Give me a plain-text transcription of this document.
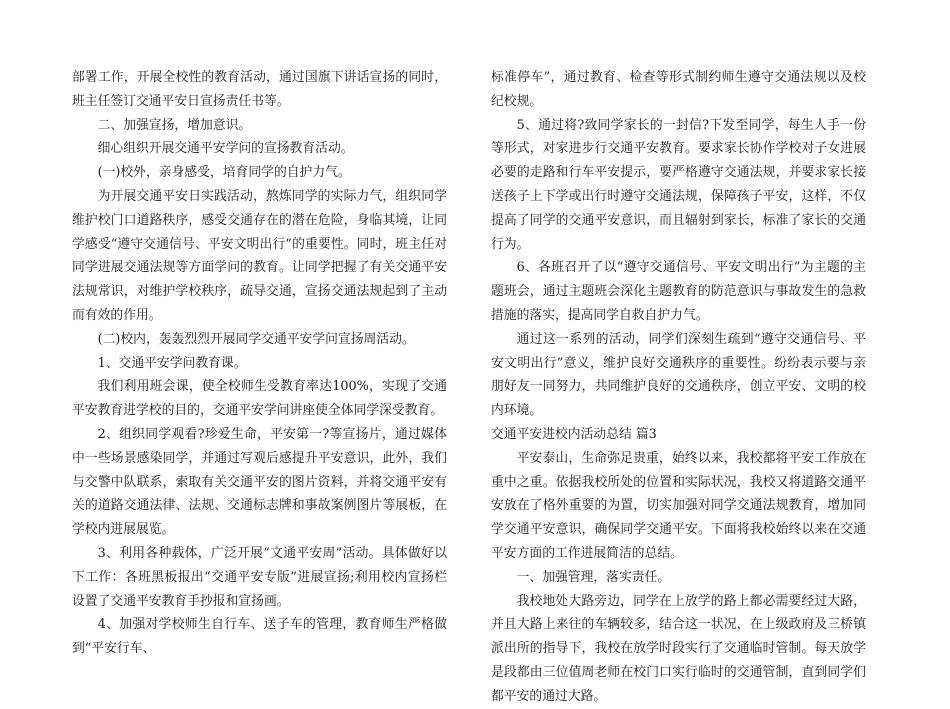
部署工作，开展全校性的教育活动，通过国旗下讲话宣扬的同时，班主任签订交通平安日宣扬责任书等。

二、加强宣扬，增加意识。

细心组织开展交通平安学问的宣扬教育活动。

(一)校外，亲身感受，培育同学的自护力气。

为开展交通平安日实践活动，熬炼同学的实际力气，组织同学维护校门口道路秩序，感受交通存在的潜在危险，身临其境，让同学感受“遵守交通信号、平安文明出行”的重要性。同时，班主任对同学进展交通法规等方面学问的教育。让同学把握了有关交通平安法规常识，对维护学校秩序，疏导交通，宣扬交通法规起到了主动而有效的作用。

(二)校内，轰轰烈烈开展同学交通平安学问宣扬周活动。

1、交通平安学问教育课。

我们利用班会课，使全校师生受教育率达100%，实现了交通平安教育进学校的目的，交通平安学问讲座使全体同学深受教育。

2、组织同学观看?珍爱生命，平安第一?等宣扬片，通过媒体中一些场景感染同学，并通过写观后感提升平安意识，此外，我们与交警中队联系，索取有关交通平安的图片资料，并将交通平安有关的道路交通法律、法规、交通标志牌和事故案例图片等展板，在学校内进展展览。

3、利用各种载体，广泛开展“文通平安周”活动。具体做好以下工作：各班黑板报出“交通平安专版”进展宣扬;利用校内宣扬栏设置了交通平安教育手抄报和宣扬画。

4、加强对学校师生自行车、送子车的管理，教育师生严格做到“平安行车、

标准停车”，通过教育、检查等形式制约师生遵守交通法规以及校纪校规。

5、通过将?致同学家长的一封信?下发至同学，每生人手一份等形式，对家进步行交通平安教育。要求家长协作学校对子女进展必要的走路和行车平安提示，要严格遵守交通法规，并要求家长接送孩子上下学或出行时遵守交通法规，保障孩子平安，这样，不仅提高了同学的交通平安意识，而且辐射到家长，标准了家长的交通行为。

6、各班召开了以“遵守交通信号、平安文明出行”为主题的主题班会，通过主题班会深化主题教育的防范意识与事故发生的急救措施的落实，提高同学自救自护力气。

通过这一系列的活动，同学们深刻生疏到“遵守交通信号、平安文明出行”意义，维护良好交通秩序的重要性。纷纷表示要与亲朋好友一同努力，共同维护良好的交通秩序，创立平安、文明的校内环境。

交通平安进校内活动总结 篇3

平安泰山，生命弥足贵重，始终以来，我校都将平安工作放在重中之重。依据我校所处的位置和实际状况，我校又将道路交通平安放在了格外重要的为置，切实加强对同学交通法规教育，增加同学交通平安意识，确保同学交通平安。下面将我校始终以来在交通平安方面的工作进展简洁的总结。

一、加强管理，落实责任。

我校地处大路旁边，同学在上放学的路上都必需要经过大路，并且大路上来往的车辆较多，结合这一状况，在上级政府及三桥镇派出所的指导下，我校在放学时段实行了交通临时管制。每天放学是段都由三位值周老师在校门口实行临时的交通管制，直到同学们都平安的通过大路。
